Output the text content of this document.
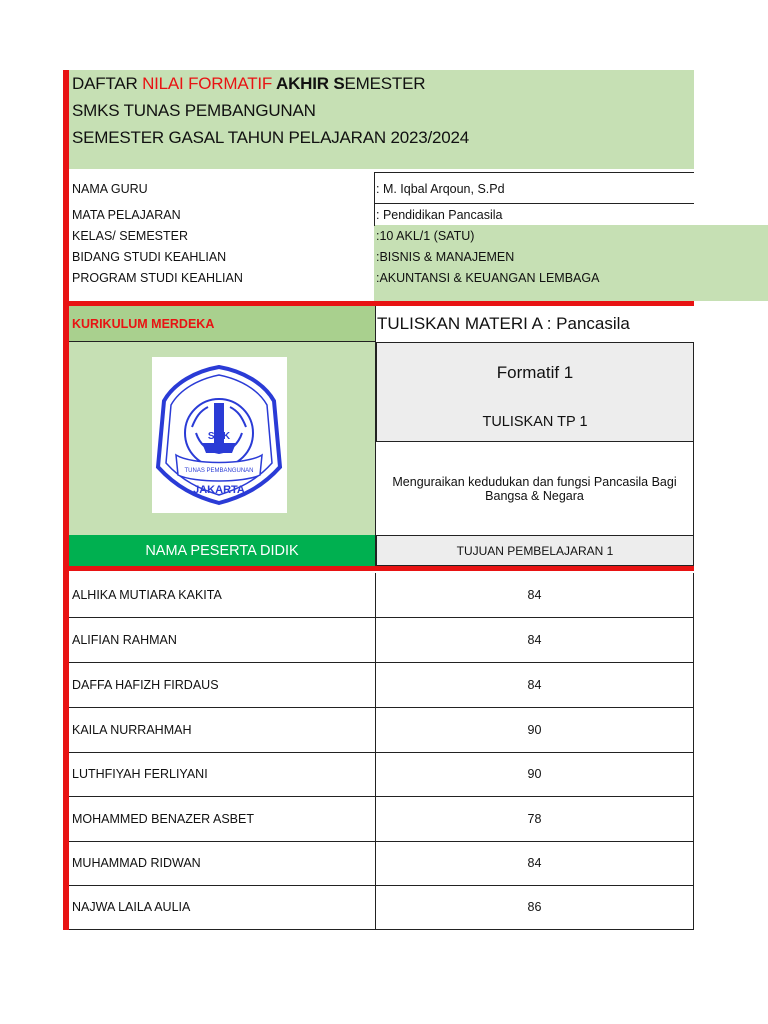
DAFTAR NILAI FORMATIF AKHIR SEMESTER
SMKS TUNAS PEMBANGUNAN
SEMESTER GASAL TAHUN PELAJARAN 2023/2024
NAMA GURU	: M. Iqbal Arqoun, S.Pd
MATA PELAJARAN	: Pendidikan Pancasila
KELAS/ SEMESTER	:10 AKL/1 (SATU)
BIDANG STUDI KEAHLIAN	:BISNIS & MANAJEMEN
PROGRAM STUDI KEAHLIAN	:AKUNTANSI & KEUANGAN LEMBAGA
KURIKULUM MERDEKA	TULISKAN MATERI A : Pancasila
SMK
TUNAS PEMBANGUNAN
JAKARTA
Formatif 1
TULISKAN TP 1
Menguraikan kedudukan dan fungsi Pancasila Bagi Bangsa & Negara
NAMA PESERTA DIDIK	TUJUAN PEMBELAJARAN 1
ALHIKA MUTIARA KAKITA	84
ALIFIAN RAHMAN	84
DAFFA HAFIZH FIRDAUS	84
KAILA NURRAHMAH	90
LUTHFIYAH FERLIYANI	90
MOHAMMED BENAZER ASBET	78
MUHAMMAD RIDWAN	84
NAJWA LAILA AULIA	86
